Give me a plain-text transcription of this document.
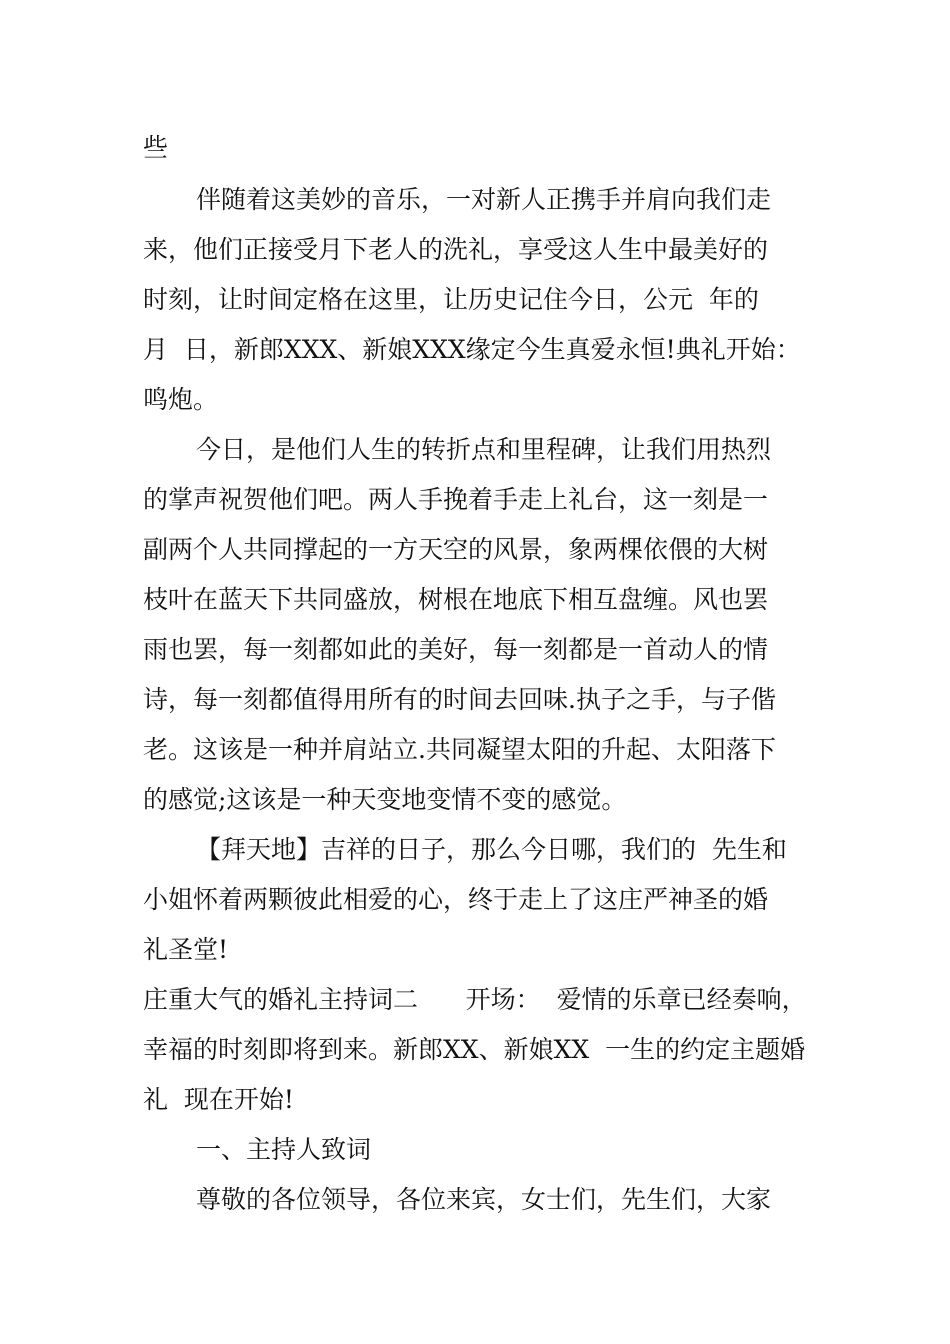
些

伴随着这美妙的音乐，一对新人正携手并肩向我们走

来，他们正接受月下老人的洗礼，享受这人生中最美好的

时刻，让时间定格在这里，让历史记住今日，公元  年的

月  日，新郎XXX、新娘XXX缘定今生真爱永恒!典礼开始：

鸣炮。

今日，是他们人生的转折点和里程碑，让我们用热烈

的掌声祝贺他们吧。两人手挽着手走上礼台，这一刻是一

副两个人共同撑起的一方天空的风景，象两棵依偎的大树

枝叶在蓝天下共同盛放，树根在地底下相互盘缠。风也罢

雨也罢，每一刻都如此的美好，每一刻都是一首动人的情

诗，每一刻都值得用所有的时间去回味.执子之手，与子偕

老。这该是一种并肩站立.共同凝望太阳的升起、太阳落下

的感觉;这该是一种天变地变情不变的感觉。

【拜天地】吉祥的日子，那么今日哪，我们的  先生和

小姐怀着两颗彼此相爱的心，终于走上了这庄严神圣的婚

礼圣堂!

庄重大气的婚礼主持词二      开场：  爱情的乐章已经奏响，

幸福的时刻即将到来。新郎XX、新娘XX  一生的约定主题婚

礼  现在开始!

一、主持人致词

尊敬的各位领导，各位来宾，女士们，先生们，大家
